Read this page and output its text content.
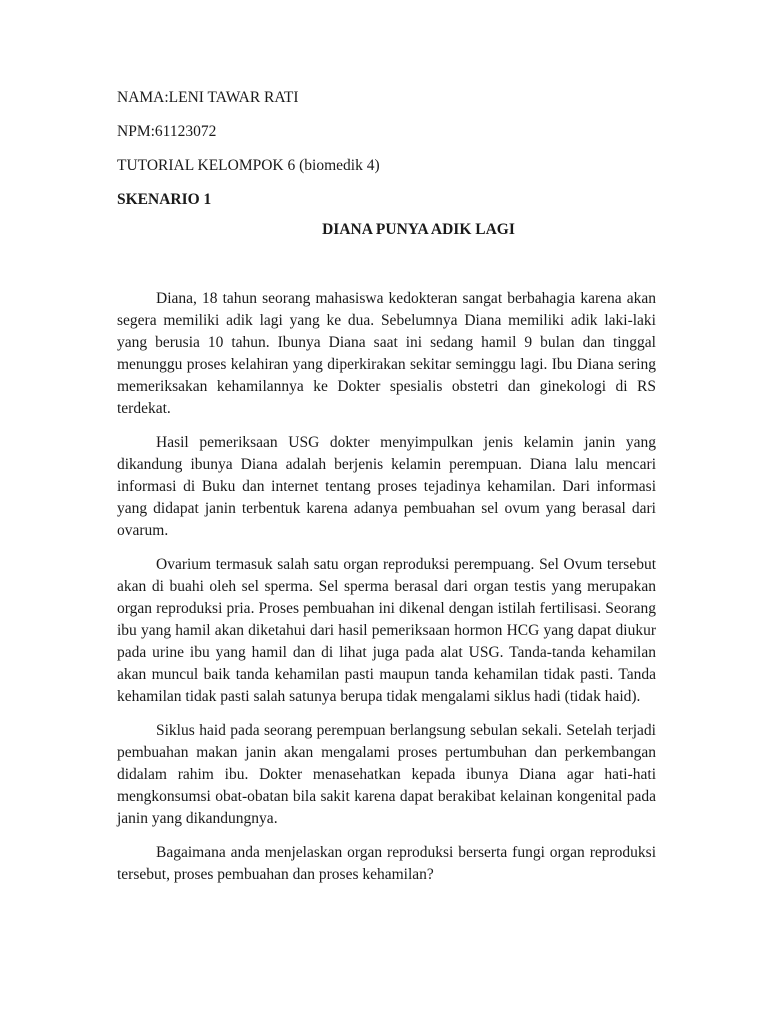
NAMA:LENI TAWAR RATI

NPM:61123072

TUTORIAL KELOMPOK 6 (biomedik 4)

SKENARIO 1

DIANA PUNYA ADIK LAGI

Diana, 18 tahun seorang mahasiswa kedokteran sangat berbahagia karena akan segera memiliki adik lagi yang ke dua. Sebelumnya Diana memiliki adik laki-laki yang berusia 10 tahun. Ibunya Diana saat ini sedang hamil 9 bulan dan tinggal menunggu proses kelahiran yang diperkirakan sekitar seminggu lagi. Ibu Diana sering memeriksakan kehamilannya ke Dokter spesialis obstetri dan ginekologi di RS terdekat.

Hasil pemeriksaan USG dokter menyimpulkan jenis kelamin janin yang dikandung ibunya Diana adalah berjenis kelamin perempuan. Diana lalu mencari informasi di Buku dan internet tentang proses tejadinya kehamilan. Dari informasi yang didapat janin terbentuk karena adanya pembuahan sel ovum yang berasal dari ovarum.

Ovarium termasuk salah satu organ reproduksi perempuang. Sel Ovum tersebut akan di buahi oleh sel sperma. Sel sperma berasal dari organ testis yang merupakan organ reproduksi pria. Proses pembuahan ini dikenal dengan istilah fertilisasi. Seorang ibu yang hamil akan diketahui dari hasil pemeriksaan hormon HCG yang dapat diukur pada urine ibu yang hamil dan di lihat juga pada alat USG. Tanda-tanda kehamilan akan muncul baik tanda kehamilan pasti maupun tanda kehamilan tidak pasti. Tanda kehamilan tidak pasti salah satunya berupa tidak mengalami siklus hadi (tidak haid).

Siklus haid pada seorang perempuan berlangsung sebulan sekali. Setelah terjadi pembuahan makan janin akan mengalami proses pertumbuhan dan perkembangan didalam rahim ibu. Dokter menasehatkan kepada ibunya Diana agar hati-hati mengkonsumsi obat-obatan bila sakit karena dapat berakibat kelainan kongenital pada janin yang dikandungnya.

Bagaimana anda menjelaskan organ reproduksi berserta fungi organ reproduksi tersebut, proses pembuahan dan proses kehamilan?
